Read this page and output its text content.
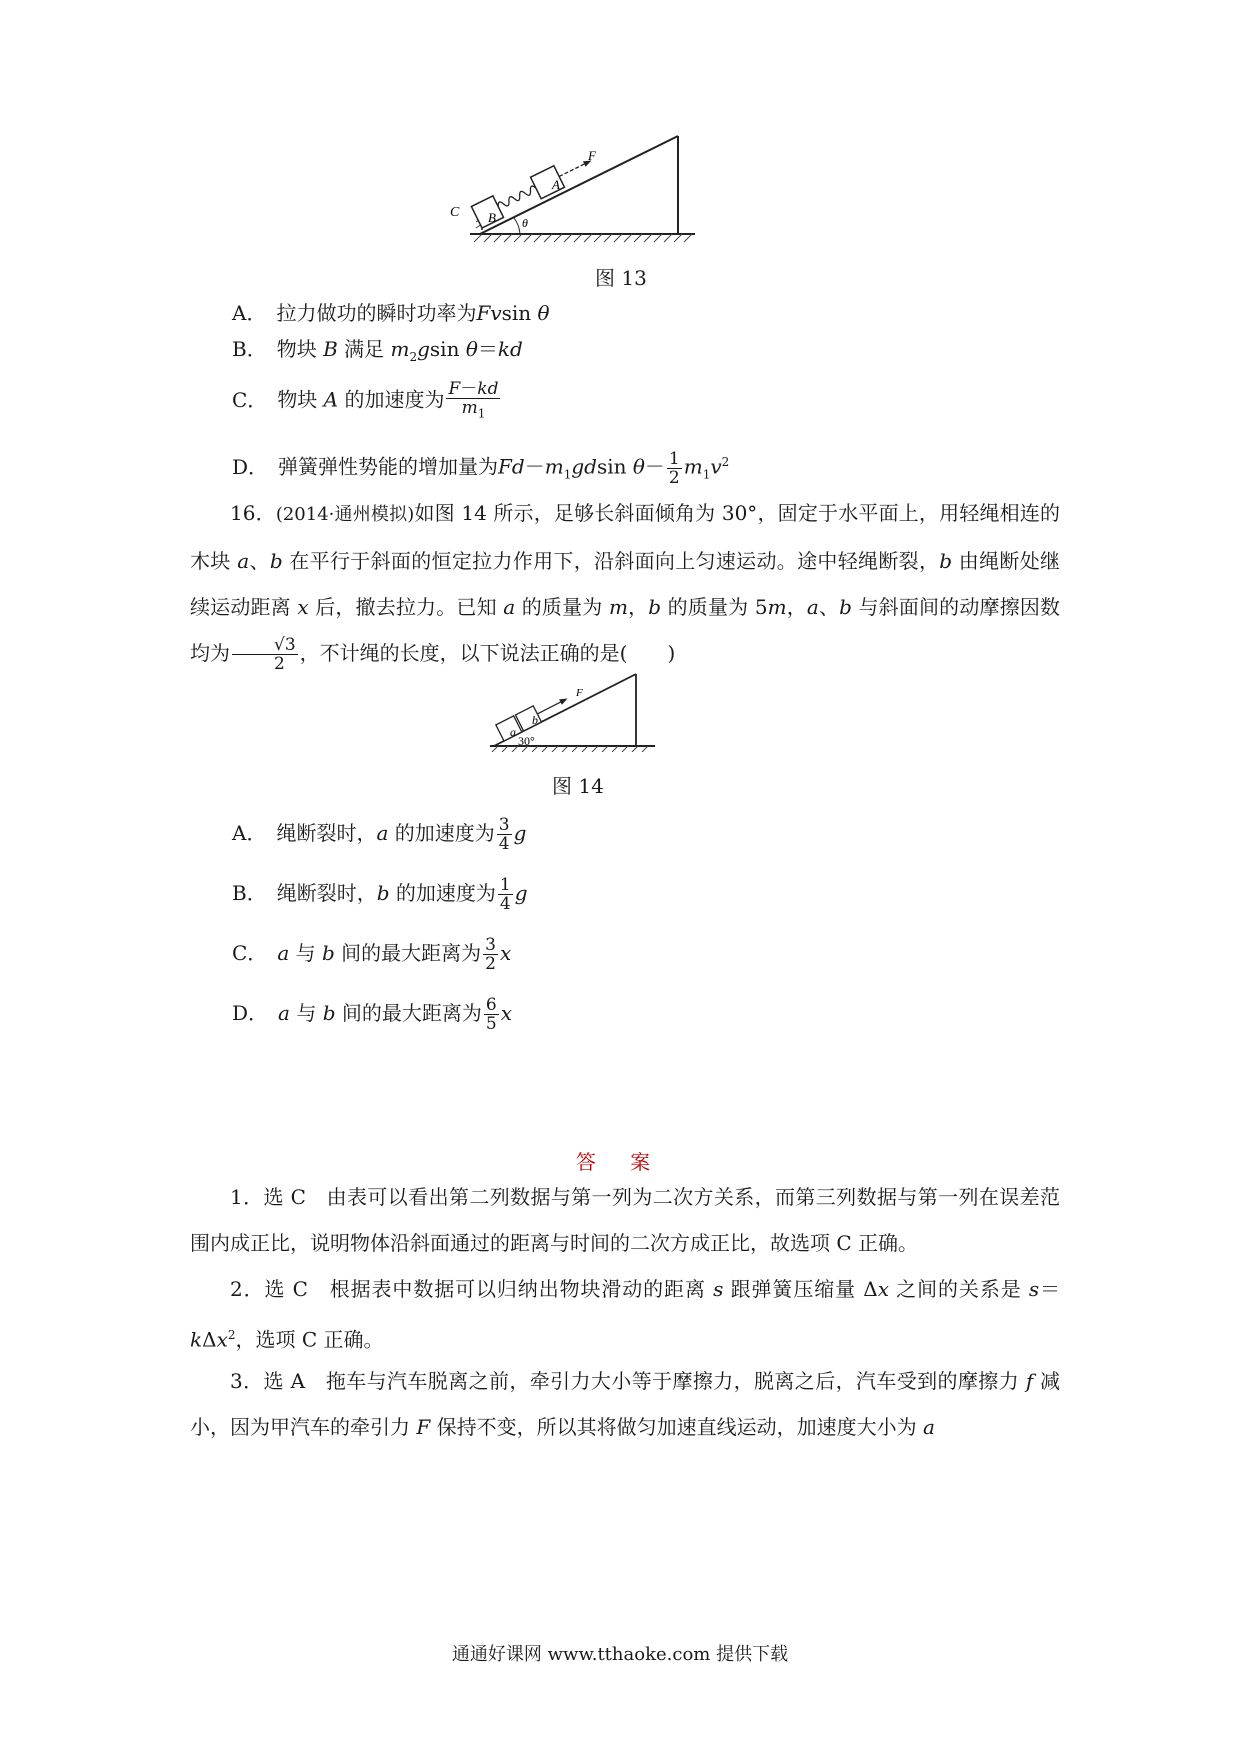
C B
A
F
θ
图 13
A． 拉力做功的瞬时功率为Fvsin θ
B． 物块 B 满足 $m_2gsin$ θ＝kd
C． 物块 A 的加速度为 $\frac{F-kd}{m_1}$
D． 弹簧弹性势能的增加量为$Fd-m_1gdsin$ $\theta- \frac{1}{2} m_1v^2$
16．(2014·通州模拟)如图 14 所示，足够长斜面倾角为 30°，固定于水平面上，用轻绳相连的木块 a、b 在平行于斜面的恒定拉力作用下，沿斜面向上匀速运动。途中轻绳断裂，b 由绳断处继续运动距离 x 后，撤去拉力。已知 a 的质量为 m，b 的质量为 5m，a、b 与斜面间的动摩擦因数均为 $\frac{√3}{2}$ ，不计绳的长度，以下说法正确的是( )
a
b
F
30°
图 14
A． 绳断裂时，a 的加速度为 $\frac{3}{4}$ g
B． 绳断裂时，b 的加速度为 $\frac{1}{4}$ g
C． a 与 b 间的最大距离为 $\frac{3}{2}$ x
D． a 与 b 间的最大距离为 $\frac{6}{5}$ x
答 案
1．选 C　由表可以看出第二列数据与第一列为二次方关系，而第三列数据与第一列在误差范围内成正比，说明物体沿斜面通过的距离与时间的二次方成正比，故选项 C 正确。
2．选 C　根据表中数据可以归纳出物块滑动的距离 s 跟弹簧压缩量 Δx 之间的关系是 s＝kΔx$^2$，选项 C 正确。
3．选 A　拖车与汽车脱离之前，牵引力大小等于摩擦力，脱离之后，汽车受到的摩擦力 f 减小，因为甲汽车的牵引力 F 保持不变，所以其将做匀加速直线运动，加速度大小为 a
通通好课网 www.tthaoke.com 提供下载
